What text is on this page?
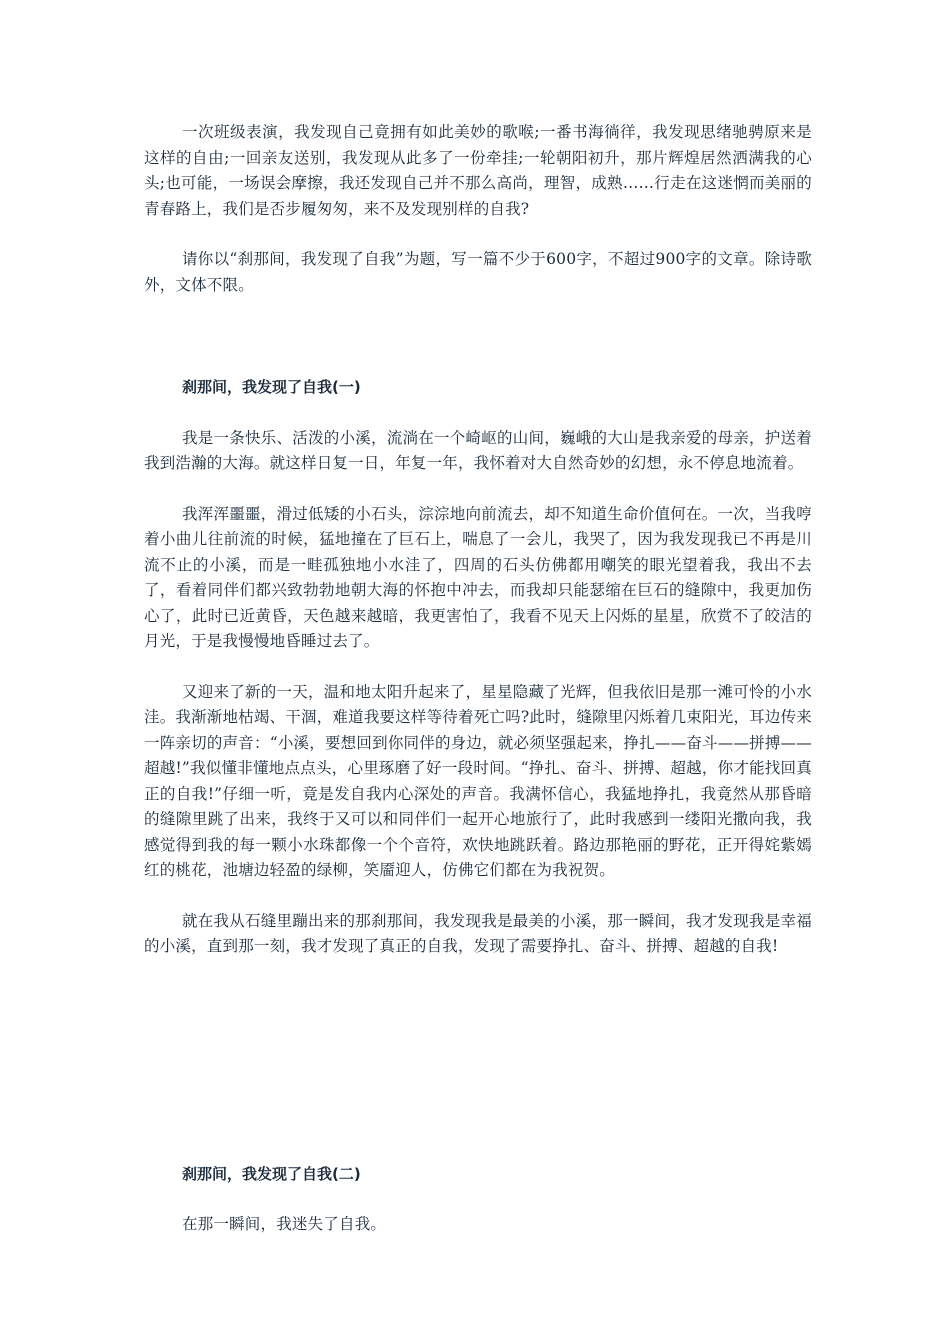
一次班级表演，我发现自己竟拥有如此美妙的歌喉;一番书海徜徉，我发现思绪驰骋原来是这样的自由;一回亲友送别，我发现从此多了一份牵挂;一轮朝阳初升，那片辉煌居然洒满我的心头;也可能，一场误会摩擦，我还发现自己并不那么高尚，理智，成熟……行走在这迷惘而美丽的青春路上，我们是否步履匆匆，来不及发现别样的自我?

请你以“刹那间，我发现了自我”为题，写一篇不少于600字，不超过900字的文章。除诗歌外，文体不限。

刹那间，我发现了自我(一)

我是一条快乐、活泼的小溪，流淌在一个崎岖的山间，巍峨的大山是我亲爱的母亲，护送着我到浩瀚的大海。就这样日复一日，年复一年，我怀着对大自然奇妙的幻想，永不停息地流着。

我浑浑噩噩，滑过低矮的小石头，淙淙地向前流去，却不知道生命价值何在。一次，当我哼着小曲儿往前流的时候，猛地撞在了巨石上，喘息了一会儿，我哭了，因为我发现我已不再是川流不止的小溪，而是一畦孤独地小水洼了，四周的石头仿佛都用嘲笑的眼光望着我，我出不去了，看着同伴们都兴致勃勃地朝大海的怀抱中冲去，而我却只能瑟缩在巨石的缝隙中，我更加伤心了，此时已近黄昏，天色越来越暗，我更害怕了，我看不见天上闪烁的星星，欣赏不了皎洁的月光，于是我慢慢地昏睡过去了。

又迎来了新的一天，温和地太阳升起来了，星星隐藏了光辉，但我依旧是那一滩可怜的小水洼。我渐渐地枯竭、干涸，难道我要这样等待着死亡吗?此时，缝隙里闪烁着几束阳光，耳边传来一阵亲切的声音：“小溪，要想回到你同伴的身边，就必须坚强起来，挣扎——奋斗——拼搏——超越!”我似懂非懂地点点头，心里琢磨了好一段时间。“挣扎、奋斗、拼搏、超越，你才能找回真正的自我!”仔细一听，竟是发自我内心深处的声音。我满怀信心，我猛地挣扎，我竟然从那昏暗的缝隙里跳了出来，我终于又可以和同伴们一起开心地旅行了，此时我感到一缕阳光撒向我，我感觉得到我的每一颗小水珠都像一个个音符，欢快地跳跃着。路边那艳丽的野花，正开得姹紫嫣红的桃花，池塘边轻盈的绿柳，笑靥迎人，仿佛它们都在为我祝贺。

就在我从石缝里蹦出来的那刹那间，我发现我是最美的小溪，那一瞬间，我才发现我是幸福的小溪，直到那一刻，我才发现了真正的自我，发现了需要挣扎、奋斗、拼搏、超越的自我!

刹那间，我发现了自我(二)

在那一瞬间，我迷失了自我。
